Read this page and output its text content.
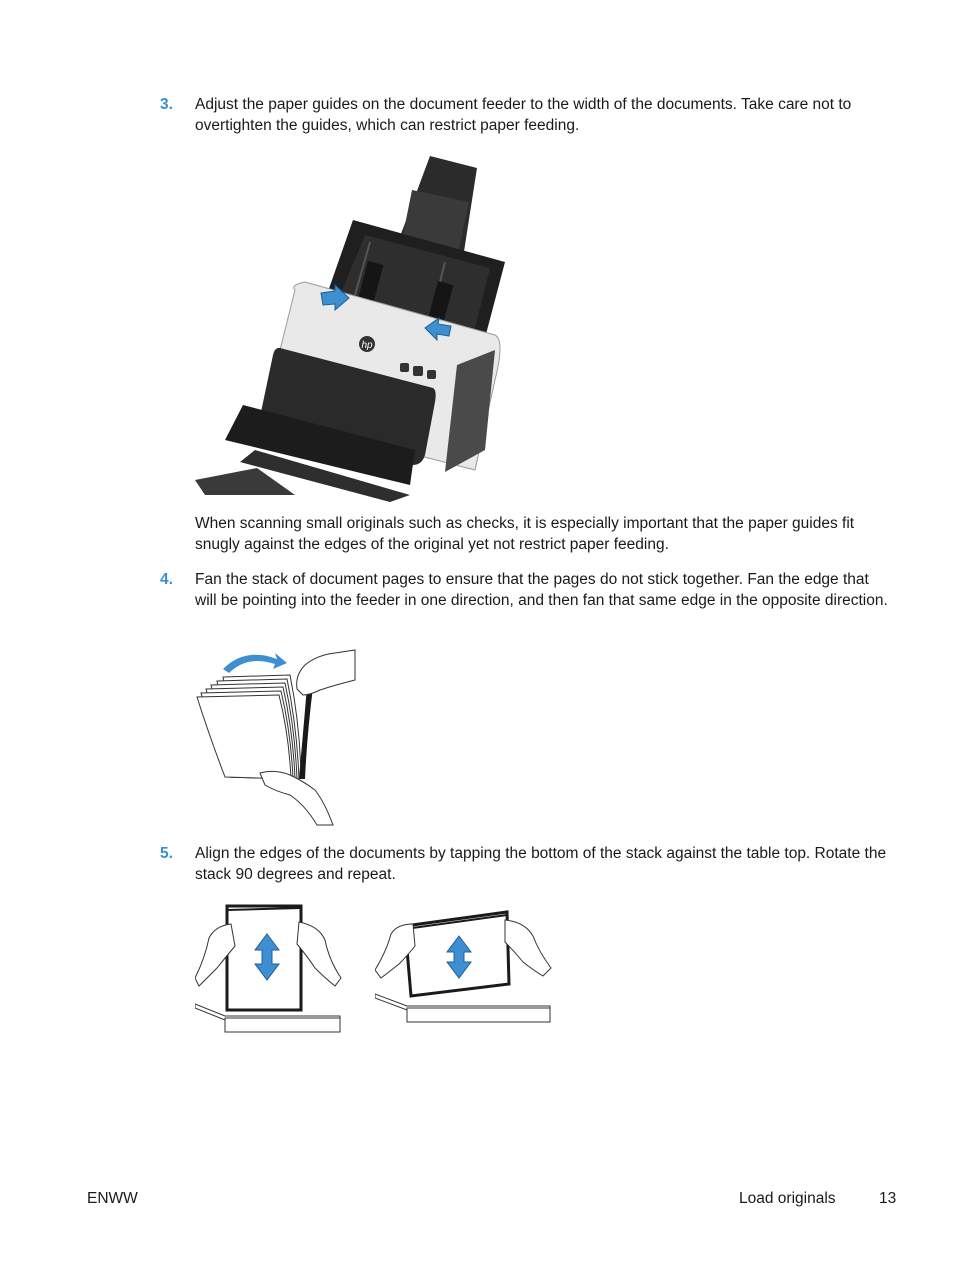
3. Adjust the paper guides on the document feeder to the width of the documents. Take care not to overtighten the guides, which can restrict paper feeding.
hp
When scanning small originals such as checks, it is especially important that the paper guides fit snugly against the edges of the original yet not restrict paper feeding.
4. Fan the stack of document pages to ensure that the pages do not stick together. Fan the edge that will be pointing into the feeder in one direction, and then fan that same edge in the opposite direction.
5. Align the edges of the documents by tapping the bottom of the stack against the table top. Rotate the stack 90 degrees and repeat.
ENWW	Load originals	13
